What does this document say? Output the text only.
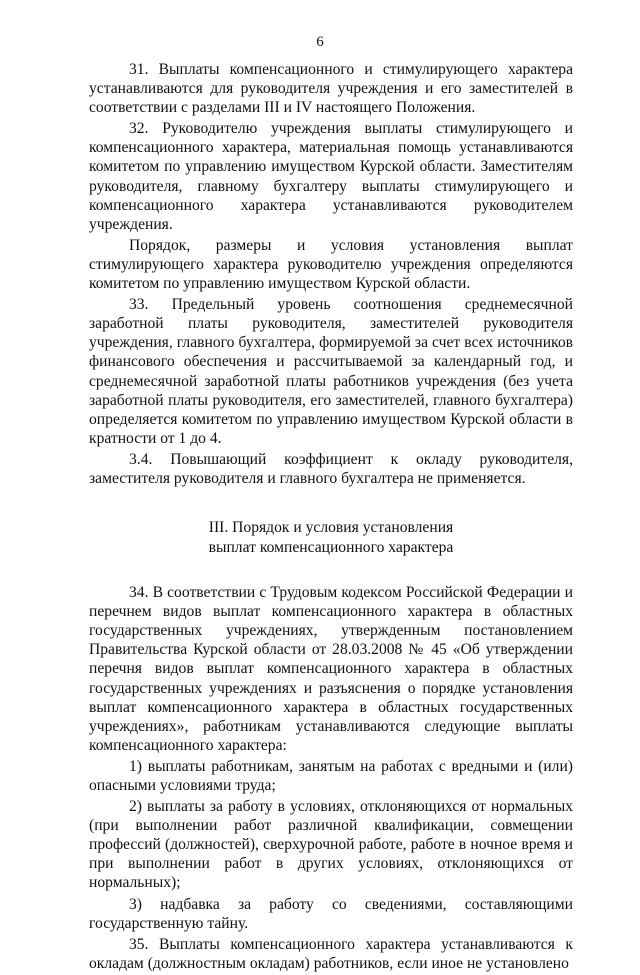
6

31. Выплаты компенсационного и стимулирующего характера устанавливаются для руководителя учреждения и его заместителей в соответствии с разделами III и IV настоящего Положения.

32. Руководителю учреждения выплаты стимулирующего и компенсационного характера, материальная помощь устанавливаются комитетом по управлению имуществом Курской области. Заместителям руководителя, главному бухгалтеру выплаты стимулирующего и компенсационного характера устанавливаются руководителем учреждения.

Порядок, размеры и условия установления выплат стимулирующего характера руководителю учреждения определяются комитетом по управлению имуществом Курской области.

33. Предельный уровень соотношения среднемесячной заработной платы руководителя, заместителей руководителя учреждения, главного бухгалтера, формируемой за счет всех источников финансового обеспечения и рассчитываемой за календарный год, и среднемесячной заработной платы работников учреждения (без учета заработной платы руководителя, его заместителей, главного бухгалтера) определяется комитетом по управлению имуществом Курской области в кратности от 1 до 4.

3.4. Повышающий коэффициент к окладу руководителя, заместителя руководителя и главного бухгалтера не применяется.

III. Порядок и условия установления
выплат компенсационного характера

34. В соответствии с Трудовым кодексом Российской Федерации и перечнем видов выплат компенсационного характера в областных государственных учреждениях, утвержденным постановлением Правительства Курской области от 28.03.2008 № 45 «Об утверждении перечня видов выплат компенсационного характера в областных государственных учреждениях и разъяснения о порядке установления выплат компенсационного характера в областных государственных учреждениях», работникам устанавливаются следующие выплаты компенсационного характера:

1) выплаты работникам, занятым на работах с вредными и (или) опасными условиями труда;

2) выплаты за работу в условиях, отклоняющихся от нормальных (при выполнении работ различной квалификации, совмещении профессий (должностей), сверхурочной работе, работе в ночное время и при выполнении работ в других условиях, отклоняющихся от нормальных);

3) надбавка за работу со сведениями, составляющими государственную тайну.

35. Выплаты компенсационного характера устанавливаются к окладам (должностным окладам) работников, если иное не установлено
